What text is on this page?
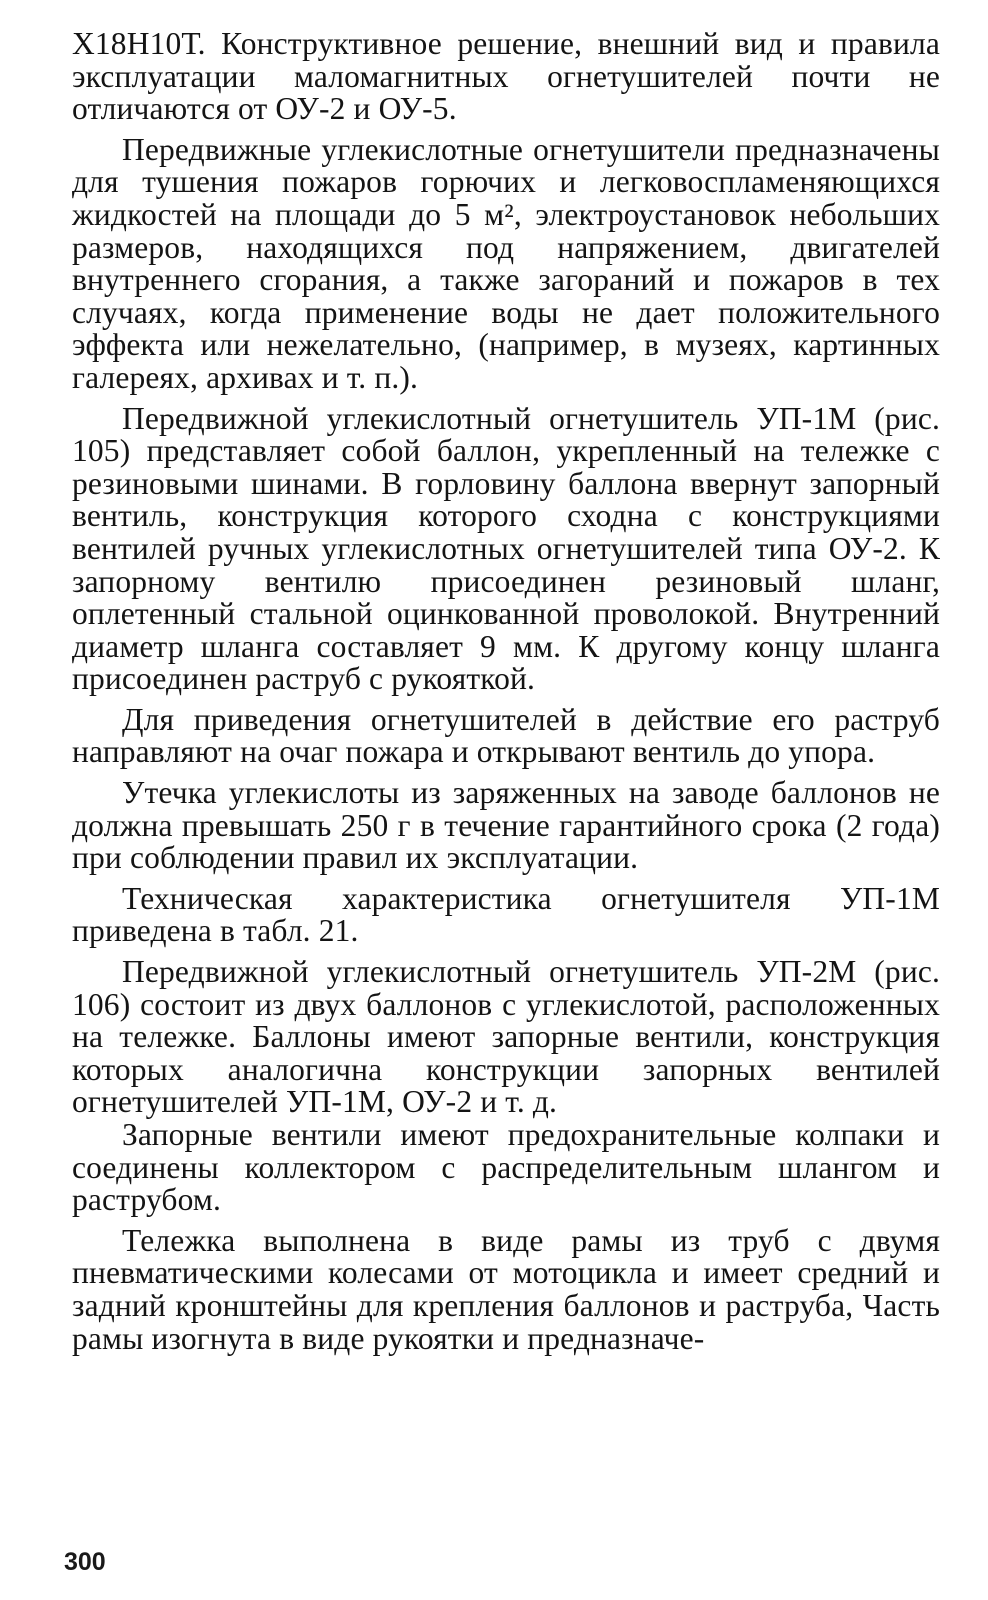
Х18Н10Т. Конструктивное решение, внешний вид и правила эксплуатации маломагнитных огнетушителей почти не отличаются от ОУ-2 и ОУ-5.

Передвижные углекислотные огнетушители предназначены для тушения пожаров горючих и легковоспламеняющихся жидкостей на площади до 5 м², электроустановок небольших размеров, находящихся под напряжением, двигателей внутреннего сгорания, а также загораний и пожаров в тех случаях, когда применение воды не дает положительного эффекта или нежелательно, (например, в музеях, картинных галереях, архивах и т. п.).

Передвижной углекислотный огнетушитель УП-1М (рис. 105) представляет собой баллон, укрепленный на тележке с резиновыми шинами. В горловину баллона ввернут запорный вентиль, конструкция которого сходна с конструкциями вентилей ручных углекислотных огнетушителей типа ОУ-2. К запорному вентилю присоединен резиновый шланг, оплетенный стальной оцинкованной проволокой. Внутренний диаметр шланга составляет 9 мм. К другому концу шланга присоединен раструб с рукояткой.

Для приведения огнетушителей в действие его раструб направляют на очаг пожара и открывают вентиль до упора.

Утечка углекислоты из заряженных на заводе баллонов не должна превышать 250 г в течение гарантийного срока (2 года) при соблюдении правил их эксплуатации.

Техническая характеристика огнетушителя УП-1М приведена в табл. 21.

Передвижной углекислотный огнетушитель УП-2М (рис. 106) состоит из двух баллонов с углекислотой, расположенных на тележке. Баллоны имеют запорные вентили, конструкция которых аналогична конструкции запорных вентилей огнетушителей УП-1М, ОУ-2 и т. д.

Запорные вентили имеют предохранительные колпаки и соединены коллектором с распределительным шлангом и раструбом.

Тележка выполнена в виде рамы из труб с двумя пневматическими колесами от мотоцикла и имеет средний и задний кронштейны для крепления баллонов и раструба, Часть рамы изогнута в виде рукоятки и предназначе-

300
